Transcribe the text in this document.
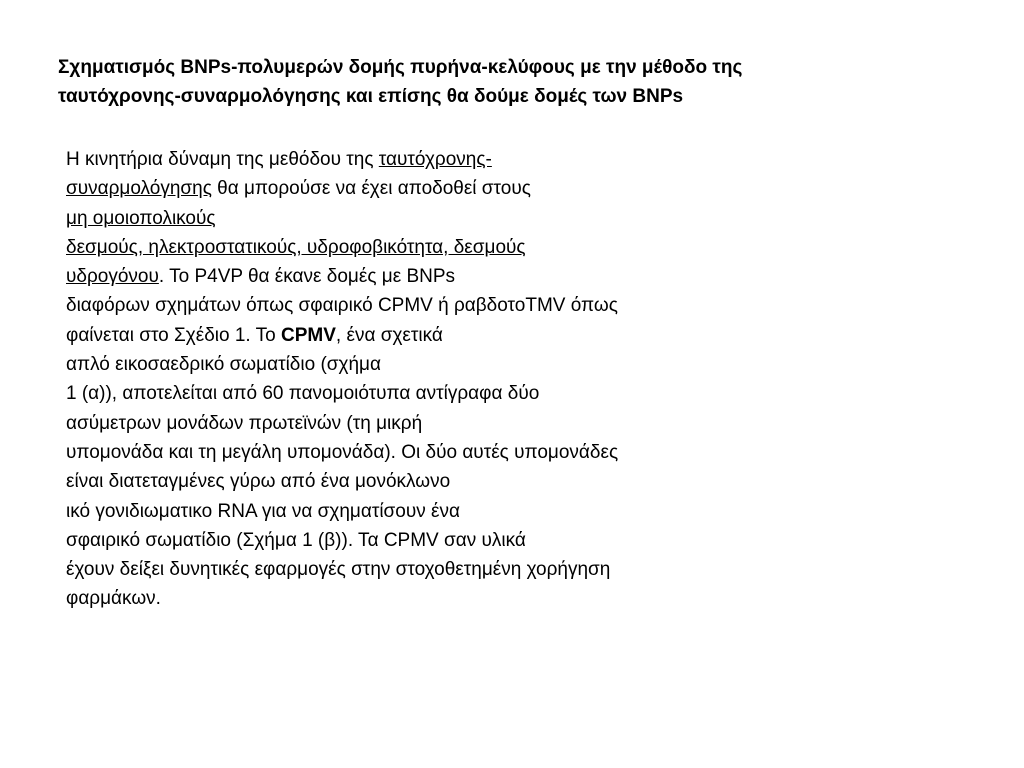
Σχηματισμός BNPs-πολυμερών δομής πυρήνα-κελύφους με την μέθοδο της
ταυτόχρονης-συναρμολόγησης και επίσης θα δούμε δομές των BNPs
Η κινητήρια δύναμη της μεθόδου της ταυτόχρονης-
συναρμολόγησης θα μπορούσε να έχει αποδοθεί στους
μη ομοιοπολικούς
δεσμούς, ηλεκτροστατικούς, υδροφοβικότητα, δεσμούς
υδρογόνου. Το P4VP θα έκανε δομές με BNPs
διαφόρων σχημάτων όπως σφαιρικό CPMV ή ραβδοτοTMV όπως
φαίνεται στο Σχέδιο 1. Το CPMV, ένα σχετικά
απλό εικοσαεδρικό σωματίδιο (σχήμα
1 (α)), αποτελείται από 60 πανομοιότυπα αντίγραφα δύο
ασύμετρων μονάδων πρωτεϊνών (τη μικρή
υπομονάδα και τη μεγάλη υπομονάδα). Οι δύο αυτές υπομονάδες
είναι διατεταγμένες γύρω από ένα μονόκλωνο
ικό γονιδιωματικο RNA για να σχηματίσουν ένα
σφαιρικό σωματίδιο (Σχήμα 1 (β)). Τα CPMV σαν υλικά
έχουν δείξει δυνητικές εφαρμογές στην στοχοθετημένη χορήγηση
φαρμάκων.
